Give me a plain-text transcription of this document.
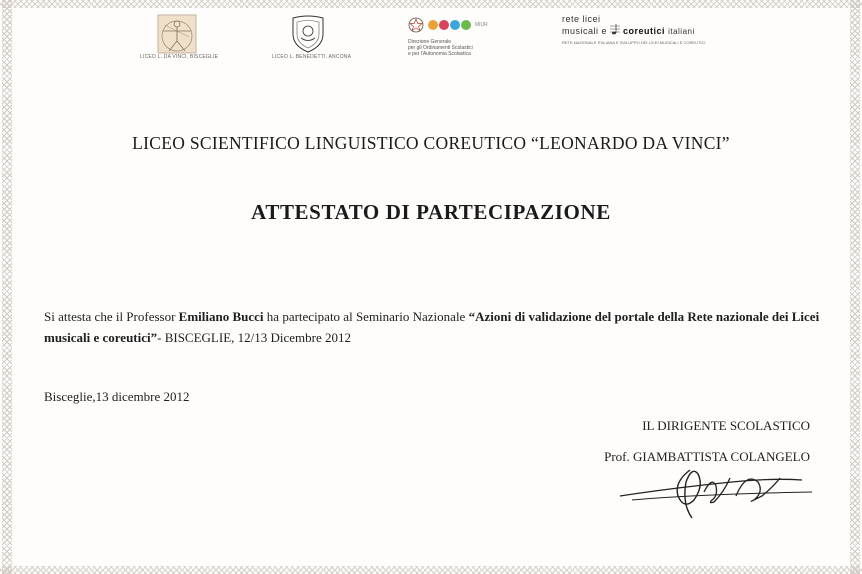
LICEO L. DA VINCI, BISCEGLIE	LICEO L. BENEDETTI, ANCONA
MIUR
Direzione Generale
per gli Ordinamenti Scolastici
e per l'Autonomia Scolastica
rete licei
musicali e coreutici italiani
RETE NAZIONALE ITALIANA E SVILUPPO DEI LICEI MUSICALI E COREUTICI
LICEO SCIENTIFICO LINGUISTICO COREUTICO “LEONARDO DA VINCI”
ATTESTATO DI PARTECIPAZIONE
Si attesta che il Professor Emiliano Bucci ha partecipato al Seminario Nazionale “Azioni di validazione del portale della Rete nazionale dei Licei musicali e coreutici”- BISCEGLIE, 12/13 Dicembre 2012
Bisceglie,13 dicembre 2012
IL DIRIGENTE SCOLASTICO
Prof. GIAMBATTISTA COLANGELO
